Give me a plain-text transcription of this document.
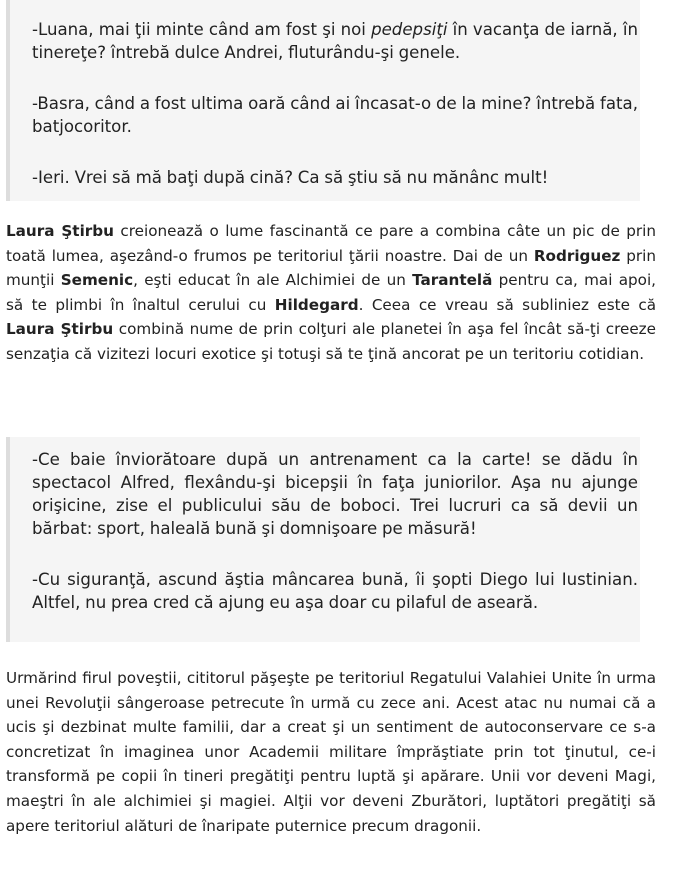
-Luana, mai ţii minte când am fost şi noi pedepsiţi în vacanţa de iarnă, în tinereţe? întrebă dulce Andrei, fluturându-şi genele.

-Basra, când a fost ultima oară când ai încasat-o de la mine? întrebă fata, batjocoritor.

-Ieri. Vrei să mă baţi după cină? Ca să ştiu să nu mănânc mult!

Laura Ştirbu creionează o lume fascinantă ce pare a combina câte un pic de prin toată lumea, aşezând-o frumos pe teritoriul ţării noastre. Dai de un Rodriguez prin munţii Semenic, eşti educat în ale Alchimiei de un Tarantelă pentru ca, mai apoi, să te plimbi în înaltul cerului cu Hildegard. Ceea ce vreau să subliniez este că Laura Ştirbu combină nume de prin colţuri ale planetei în aşa fel încât să-ţi creeze senzaţia că vizitezi locuri exotice şi totuşi să te ţină ancorat pe un teritoriu cotidian.

-Ce baie înviorătoare după un antrenament ca la carte! se dădu în spectacol Alfred, flexându-şi bicepşii în faţa juniorilor. Aşa nu ajunge orişicine, zise el publicului său de boboci. Trei lucruri ca să devii un bărbat: sport, haleală bună şi domnişoare pe măsură!

-Cu siguranţă, ascund ăştia mâncarea bună, îi şopti Diego lui Iustinian. Altfel, nu prea cred că ajung eu aşa doar cu pilaful de aseară.

Urmărind firul poveştii, cititorul păşeşte pe teritoriul Regatului Valahiei Unite în urma unei Revoluţii sângeroase petrecute în urmă cu zece ani. Acest atac nu numai că a ucis şi dezbinat multe familii, dar a creat şi un sentiment de autoconservare ce s-a concretizat în imaginea unor Academii militare împrăştiate prin tot ţinutul, ce-i transformă pe copii în tineri pregătiţi pentru luptă şi apărare. Unii vor deveni Magi, maeştri în ale alchimiei şi magiei. Alţii vor deveni Zburători, luptători pregătiţi să apere teritoriul alături de înaripate puternice precum dragonii.
